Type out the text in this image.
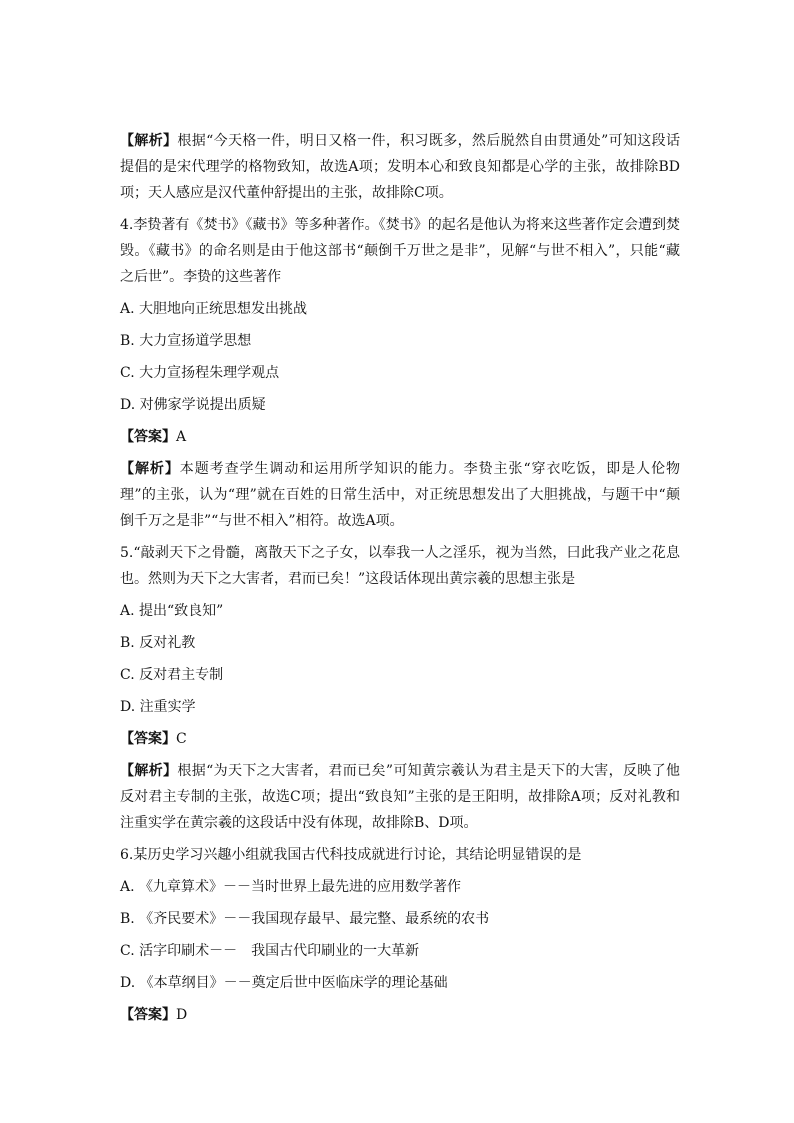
【解析】根据“今天格一件，明日又格一件，积习既多，然后脱然自由贯通处”可知这段话提倡的是宋代理学的格物致知，故选A项；发明本心和致良知都是心学的主张，故排除BD项；天人感应是汉代董仲舒提出的主张，故排除C项。

4.李贽著有《焚书》《藏书》等多种著作。《焚书》的起名是他认为将来这些著作定会遭到焚毁。《藏书》的命名则是由于他这部书“颠倒千万世之是非”，见解“与世不相入”，只能“藏之后世”。李贽的这些著作

A. 大胆地向正统思想发出挑战

B. 大力宣扬道学思想

C. 大力宣扬程朱理学观点

D. 对佛家学说提出质疑

【答案】A

【解析】本题考查学生调动和运用所学知识的能力。李贽主张“穿衣吃饭，即是人伦物理”的主张，认为“理”就在百姓的日常生活中，对正统思想发出了大胆挑战，与题干中“颠倒千万之是非”“与世不相入”相符。故选A项。

5.“敲剥天下之骨髓，离散天下之子女，以奉我一人之淫乐，视为当然，曰此我产业之花息也。然则为天下之大害者，君而已矣！”这段话体现出黄宗羲的思想主张是

A. 提出“致良知”

B. 反对礼教

C. 反对君主专制

D. 注重实学

【答案】C

【解析】根据“为天下之大害者，君而已矣”可知黄宗羲认为君主是天下的大害，反映了他反对君主专制的主张，故选C项；提出“致良知”主张的是王阳明，故排除A项；反对礼教和注重实学在黄宗羲的这段话中没有体现，故排除B、D项。

6.某历史学习兴趣小组就我国古代科技成就进行讨论，其结论明显错误的是

A. 《九章算术》－－当时世界上最先进的应用数学著作

B. 《齐民要术》－－我国现存最早、最完整、最系统的农书

C. 活字印刷术－－　我国古代印刷业的一大革新

D. 《本草纲目》－－奠定后世中医临床学的理论基础

【答案】D
